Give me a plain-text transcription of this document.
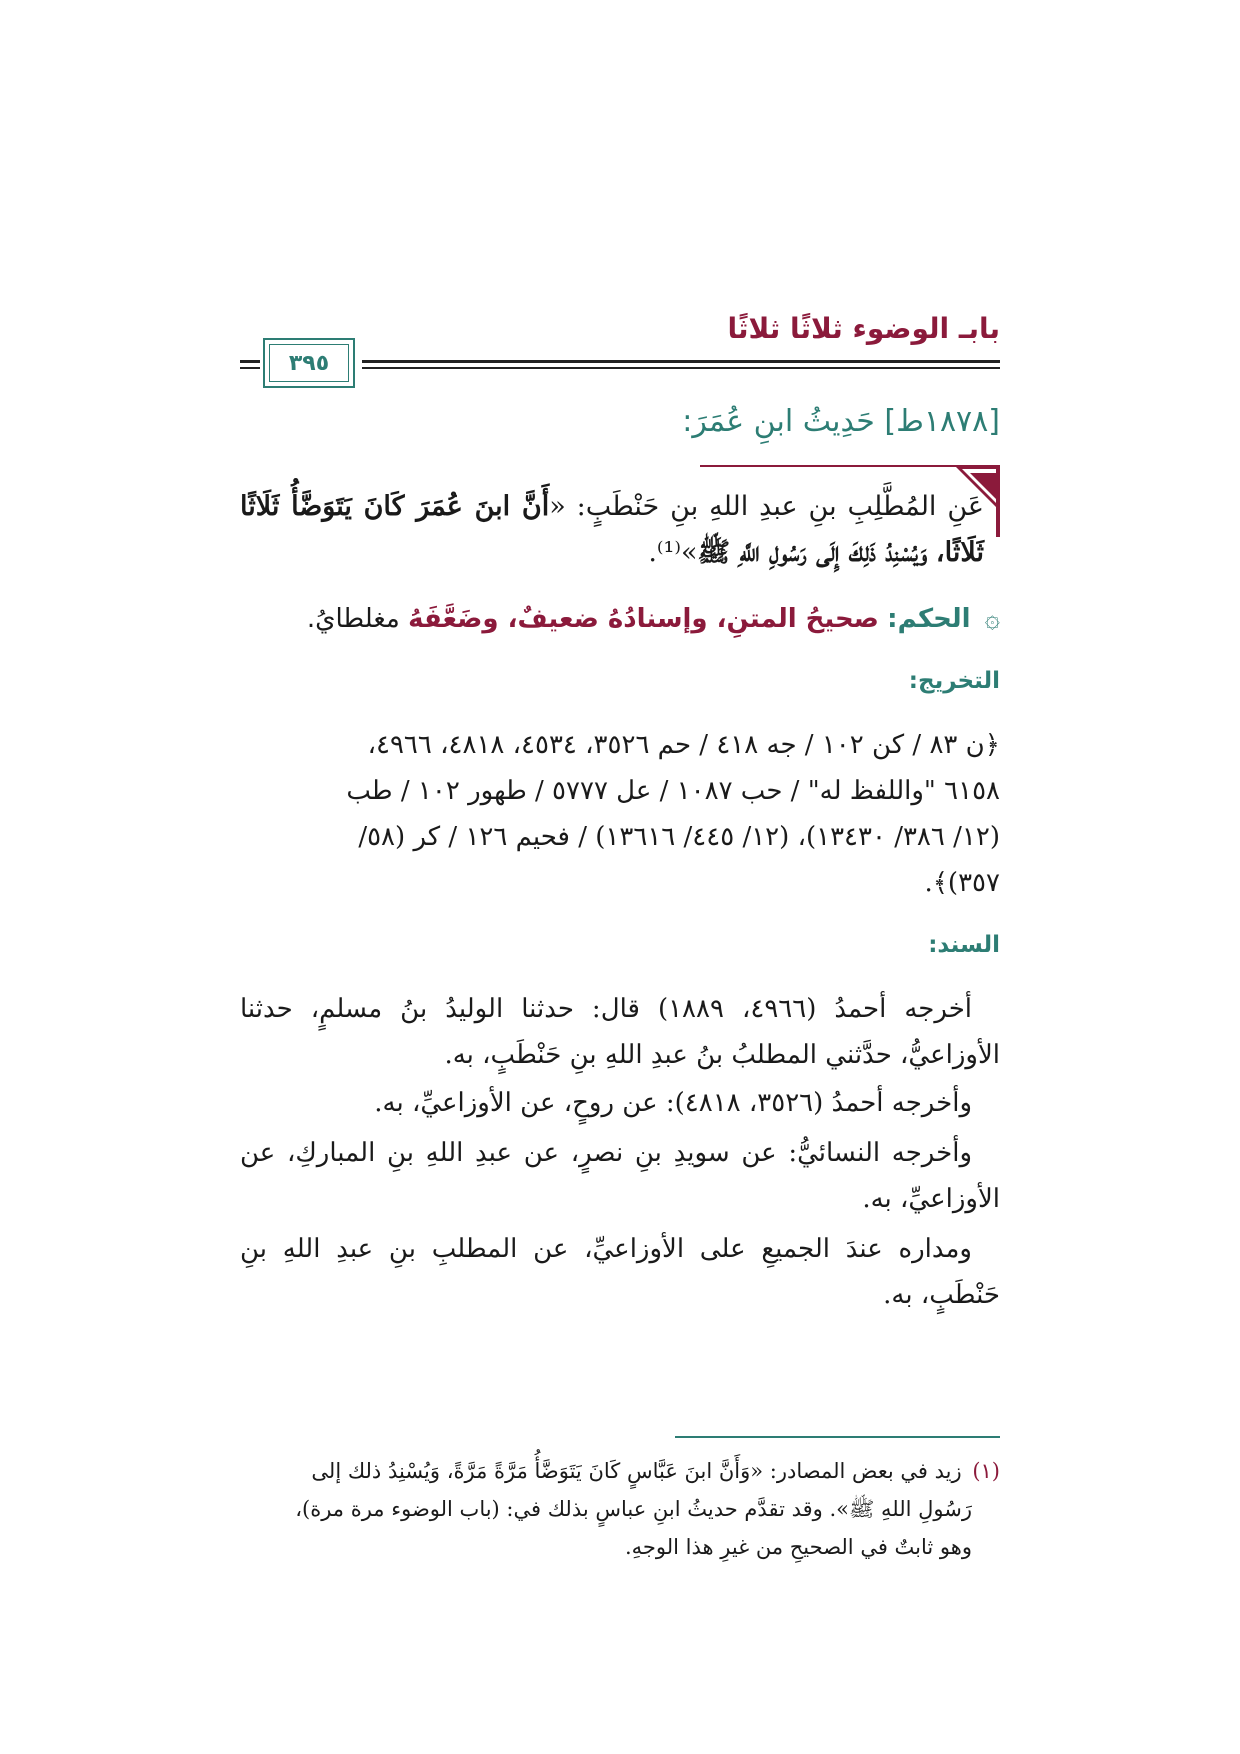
بابـ الوضوء ثلاثًا ثلاثًا
٣٩٥
[١٨٧٨ط] حَدِيثُ ابنِ عُمَرَ:
عَنِ المُطَّلِبِ بنِ عبدِ اللهِ بنِ حَنْطَبٍ: «أَنَّ ابنَ عُمَرَ كَانَ يَتَوَضَّأُ ثَلَاثًا ثَلَاثًا، وَيُسْنِدُ ذَلِكَ إِلَى رَسُولِ اللَّهِ ﷺ»⁽¹⁾.
۞ الحكم: صحيحُ المتنِ، وإسنادُهُ ضعيفٌ، وضَعَّفَهُ مغلطايُ.
التخريج:
﴿ن ٨٣ / كن ١٠٢ / جه ٤١٨ / حم ٣٥٢٦، ٤٥٣٤، ٤٨١٨، ٤٩٦٦،
٦١٥٨ "واللفظ له" / حب ١٠٨٧ / عل ٥٧٧٧ / طهور ١٠٢ / طب
(١٢/ ٣٨٦/ ١٣٤٣٠)، (١٢/ ٤٤٥/ ١٣٦١٦) / فحيم ١٢٦ / كر (٥٨/
٣٥٧)﴾.
السند:
أخرجه أحمدُ (٤٩٦٦، ١٨٨٩) قال: حدثنا الوليدُ بنُ مسلمٍ، حدثنا الأوزاعيُّ، حدَّثني المطلبُ بنُ عبدِ اللهِ بنِ حَنْطَبٍ، به.
وأخرجه أحمدُ (٣٥٢٦، ٤٨١٨): عن روحٍ، عن الأوزاعيِّ، به.
وأخرجه النسائيُّ: عن سويدِ بنِ نصرٍ، عن عبدِ اللهِ بنِ المباركِ، عن الأوزاعيِّ، به.
ومداره عندَ الجميعِ على الأوزاعيِّ، عن المطلبِ بنِ عبدِ اللهِ بنِ حَنْطَبٍ، به.
(١) زيد في بعض المصادر: «وَأَنَّ ابنَ عَبَّاسٍ كَانَ يَتَوَضَّأُ مَرَّةً مَرَّةً، وَيُسْنِدُ ذلك إلى
رَسُولِ اللهِ ﷺ». وقد تقدَّم حديثُ ابنِ عباسٍ بذلك في: (باب الوضوء مرة مرة)،
وهو ثابتٌ في الصحيحِ من غيرِ هذا الوجهِ.
